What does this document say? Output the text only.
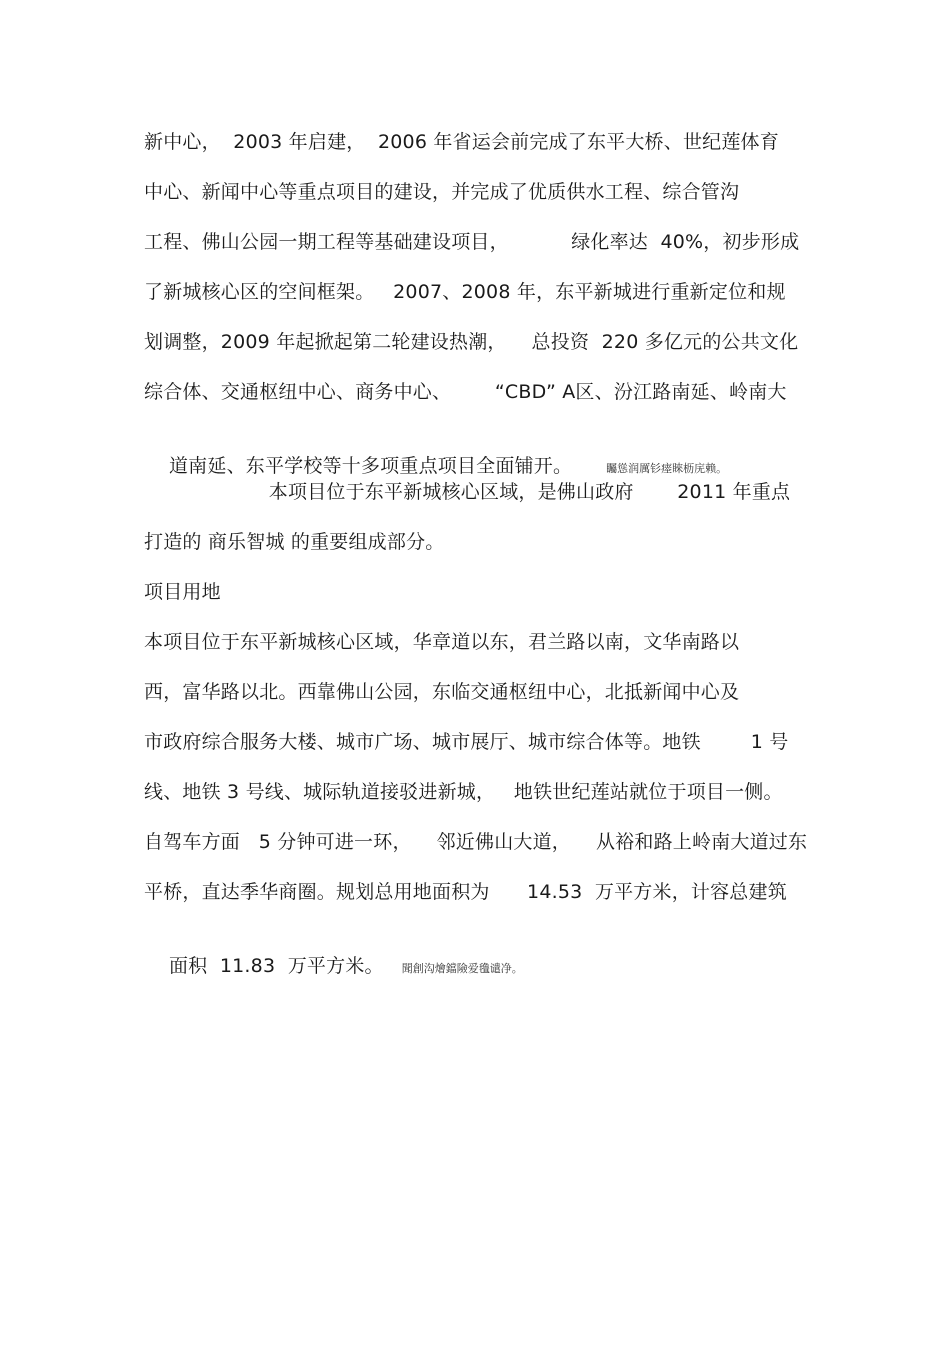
新中心，  2003 年启建，  2006 年省运会前完成了东平大桥、世纪莲体育
中心、新闻中心等重点项目的建设，并完成了优质供水工程、综合管沟
工程、佛山公园一期工程等基础建设项目，          绿化率达  40%，初步形成
了新城核心区的空间框架。   2007、2008 年，东平新城进行重新定位和规
划调整，2009 年起掀起第二轮建设热潮，    总投资  220 多亿元的公共文化
综合体、交通枢纽中心、商务中心、       “CBD” A区、汾江路南延、岭南大

道南延、东平学校等十多项重点项目全面铺开。	矚慫润厲钐瘗睞枥庑赖。

本项目位于东平新城核心区域，是佛山政府       2011 年重点
打造的 商乐智城 的重要组成部分。
项目用地
本项目位于东平新城核心区域，华章道以东，君兰路以南，文华南路以
西，富华路以北。西靠佛山公园，东临交通枢纽中心，北抵新闻中心及
市政府综合服务大楼、城市广场、城市展厅、城市综合体等。地铁        1 号
线、地铁 3 号线、城际轨道接驳进新城，   地铁世纪莲站就位于项目一侧。
自驾车方面   5 分钟可进一环，    邻近佛山大道，    从裕和路上岭南大道过东
平桥，直达季华商圈。规划总用地面积为      14.53  万平方米，计容总建筑

面积  11.83  万平方米。 聞創沟燴鐺險爱氇谴净。
